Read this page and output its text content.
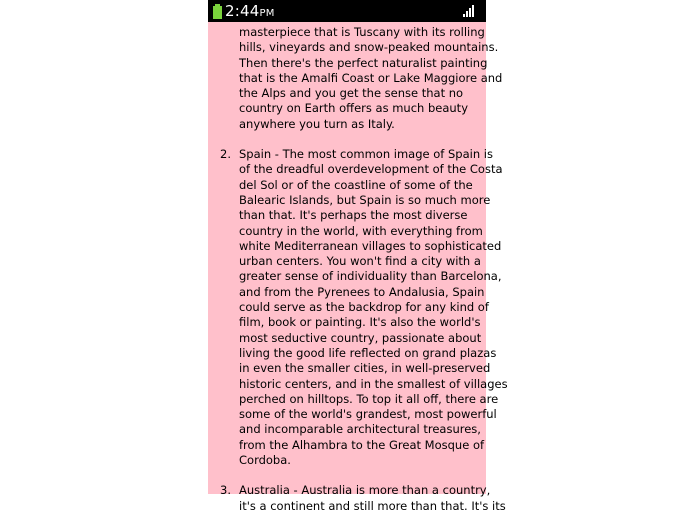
2:44PM
masterpiece that is Tuscany with its rolling
hills, vineyards and snow-peaked mountains.
Then there's the perfect naturalist painting
that is the Amalfi Coast or Lake Maggiore and
the Alps and you get the sense that no
country on Earth offers as much beauty
anywhere you turn as Italy.
2. Spain - The most common image of Spain is
of the dreadful overdevelopment of the Costa
del Sol or of the coastline of some of the
Balearic Islands, but Spain is so much more
than that. It's perhaps the most diverse
country in the world, with everything from
white Mediterranean villages to sophisticated
urban centers. You won't find a city with a
greater sense of individuality than Barcelona,
and from the Pyrenees to Andalusia, Spain
could serve as the backdrop for any kind of
film, book or painting. It's also the world's
most seductive country, passionate about
living the good life reflected on grand plazas
in even the smaller cities, in well-preserved
historic centers, and in the smallest of villages
perched on hilltops. To top it all off, there are
some of the world's grandest, most powerful
and incomparable architectural treasures,
from the Alhambra to the Great Mosque of
Cordoba.
3. Australia - Australia is more than a country,
it's a continent and still more than that. It's its
